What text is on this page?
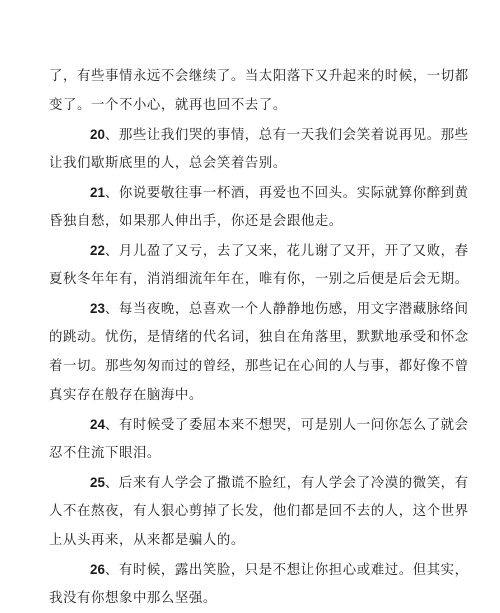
了，有些事情永远不会继续了。当太阳落下又升起来的时候，一切都
变了。一个不小心，就再也回不去了。
20、那些让我们哭的事情，总有一天我们会笑着说再见。那些
让我们歇斯底里的人，总会笑着告别。
21、你说要敬往事一杯酒，再爱也不回头。实际就算你醉到黄
昏独自愁，如果那人伸出手，你还是会跟他走。
22、月儿盈了又亏，去了又来，花儿谢了又开，开了又败，春
夏秋冬年年有，消消细流年年在，唯有你，一别之后便是后会无期。
23、每当夜晚，总喜欢一个人静静地伤感，用文字潜藏脉络间
的跳动。忧伤，是情绪的代名词，独自在角落里，默默地承受和怀念
着一切。那些匆匆而过的曾经，那些记在心间的人与事，都好像不曾
真实存在般存在脑海中。
24、有时候受了委屈本来不想哭，可是别人一问你怎么了就会
忍不住流下眼泪。
25、后来有人学会了撒谎不脸红，有人学会了冷漠的微笑，有
人不在熬夜，有人狠心剪掉了长发，他们都是回不去的人，这个世界
上从头再来，从来都是骗人的。
26、有时候，露出笑脸，只是不想让你担心或难过。但其实，
我没有你想象中那么坚强。
